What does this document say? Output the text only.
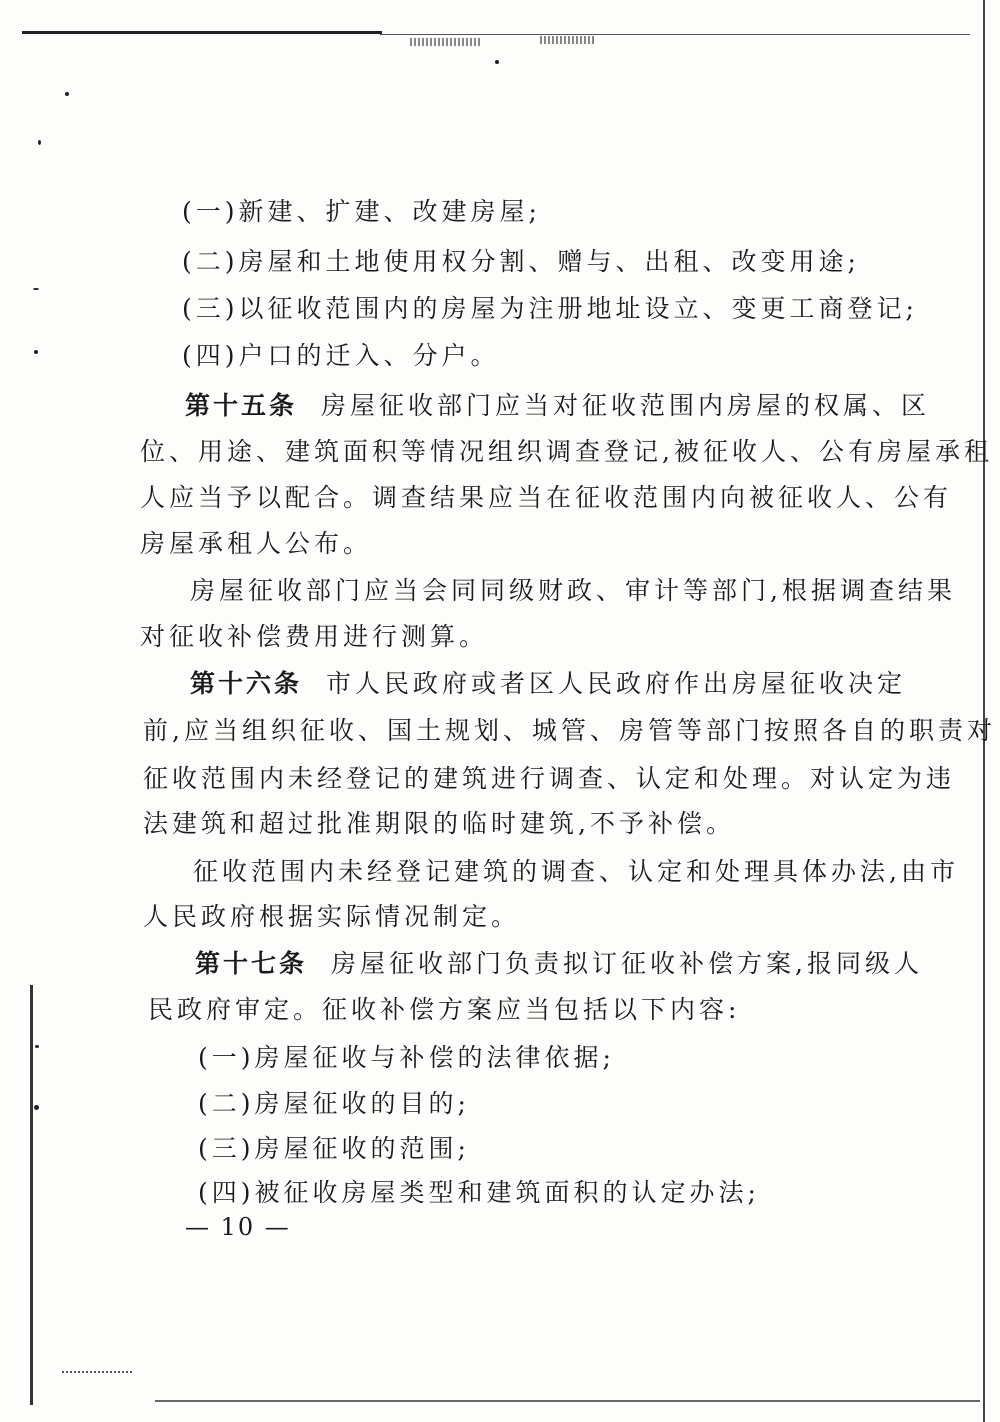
(一)新建、扩建、改建房屋;
(二)房屋和土地使用权分割、赠与、出租、改变用途;
(三)以征收范围内的房屋为注册地址设立、变更工商登记;
(四)户口的迁入、分户。
第十五条 房屋征收部门应当对征收范围内房屋的权属、区
位、用途、建筑面积等情况组织调查登记,被征收人、公有房屋承租
人应当予以配合。调查结果应当在征收范围内向被征收人、公有
房屋承租人公布。
房屋征收部门应当会同同级财政、审计等部门,根据调查结果
对征收补偿费用进行测算。
第十六条 市人民政府或者区人民政府作出房屋征收决定
前,应当组织征收、国土规划、城管、房管等部门按照各自的职责对
征收范围内未经登记的建筑进行调查、认定和处理。对认定为违
法建筑和超过批准期限的临时建筑,不予补偿。
征收范围内未经登记建筑的调查、认定和处理具体办法,由市
人民政府根据实际情况制定。
第十七条 房屋征收部门负责拟订征收补偿方案,报同级人
民政府审定。征收补偿方案应当包括以下内容:
(一)房屋征收与补偿的法律依据;
(二)房屋征收的目的;
(三)房屋征收的范围;
(四)被征收房屋类型和建筑面积的认定办法;
— 10 —
